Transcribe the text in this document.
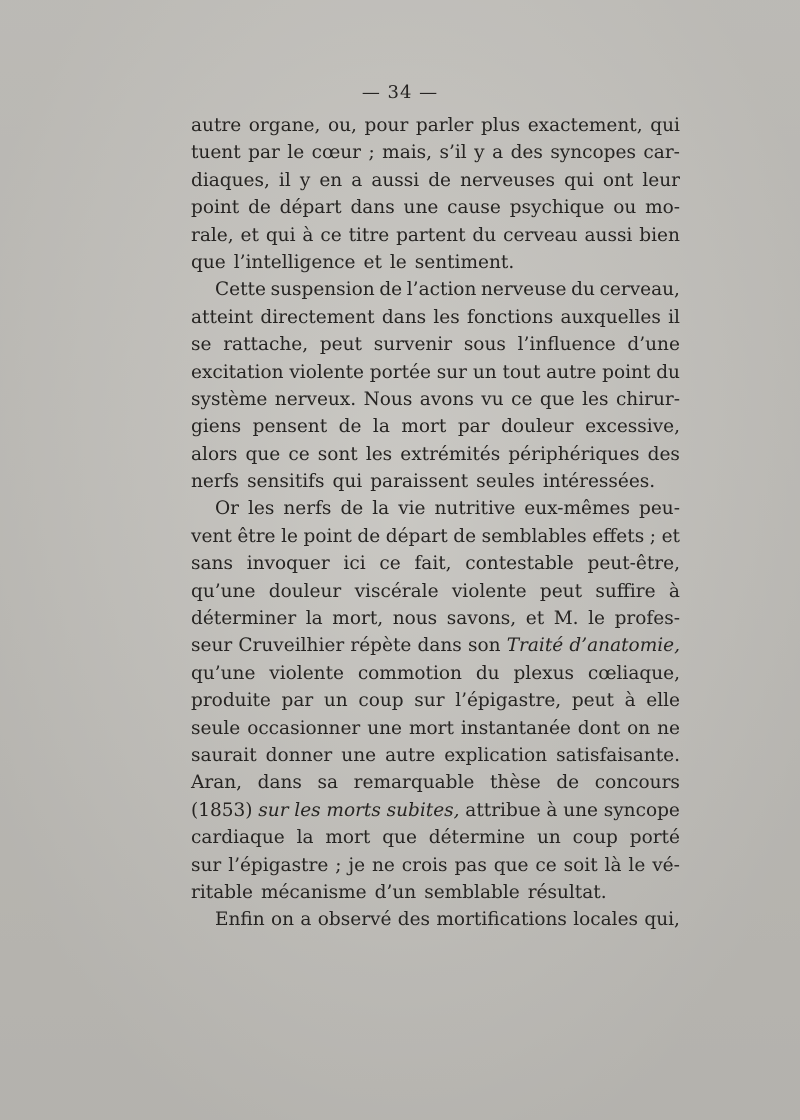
— 34 —
autre organe, ou, pour parler plus exactement, qui
tuent par le cœur ; mais, s’il y a des syncopes car-
diaques, il y en a aussi de nerveuses qui ont leur
point de départ dans une cause psychique ou mo-
rale, et qui à ce titre partent du cerveau aussi bien
que l’intelligence et le sentiment.
Cette suspension de l’action nerveuse du cerveau,
atteint directement dans les fonctions auxquelles il
se rattache, peut survenir sous l’influence d’une
excitation violente portée sur un tout autre point du
système nerveux. Nous avons vu ce que les chirur-
giens pensent de la mort par douleur excessive,
alors que ce sont les extrémités périphériques des
nerfs sensitifs qui paraissent seules intéressées.
Or les nerfs de la vie nutritive eux-mêmes peu-
vent être le point de départ de semblables effets ; et
sans invoquer ici ce fait, contestable peut-être,
qu’une douleur viscérale violente peut suffire à
déterminer la mort, nous savons, et M. le profes-
seur Cruveilhier répète dans son Traité d’anatomie,
qu’une violente commotion du plexus cœliaque,
produite par un coup sur l’épigastre, peut à elle
seule occasionner une mort instantanée dont on ne
saurait donner une autre explication satisfaisante.
Aran, dans sa remarquable thèse de concours
(1853) sur les morts subites, attribue à une syncope
cardiaque la mort que détermine un coup porté
sur l’épigastre ; je ne crois pas que ce soit là le vé-
ritable mécanisme d’un semblable résultat.
Enfin on a observé des mortifications locales qui,
